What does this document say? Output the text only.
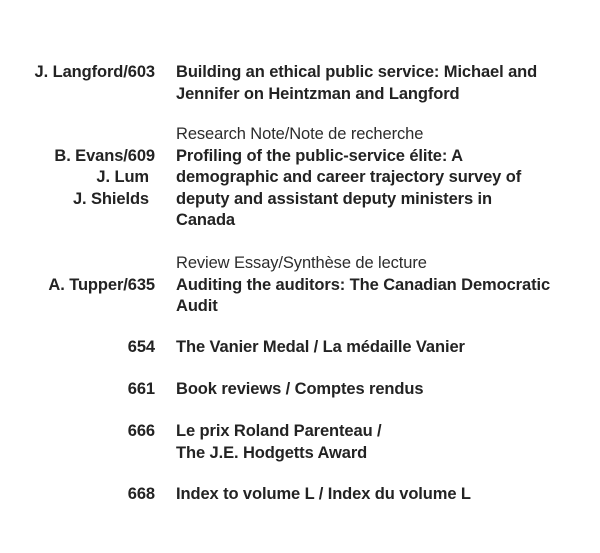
J. Langford/603 Building an ethical public service: Michael and
Jennifer on Heintzman and Langford
Research Note/Note de recherche
Profiling of the public-service élite: A
demographic and career trajectory survey of
deputy and assistant deputy ministers in
Canada
B. Evans/609
J. Lum
J. Shields
Review Essay/Synthèse de lecture
Auditing the auditors: The Canadian Democratic
Audit
A. Tupper/635
654 The Vanier Medal / La médaille Vanier
661 Book reviews / Comptes rendus
666 Le prix Roland Parenteau /
The J.E. Hodgetts Award
668 Index to volume L / Index du volume L
